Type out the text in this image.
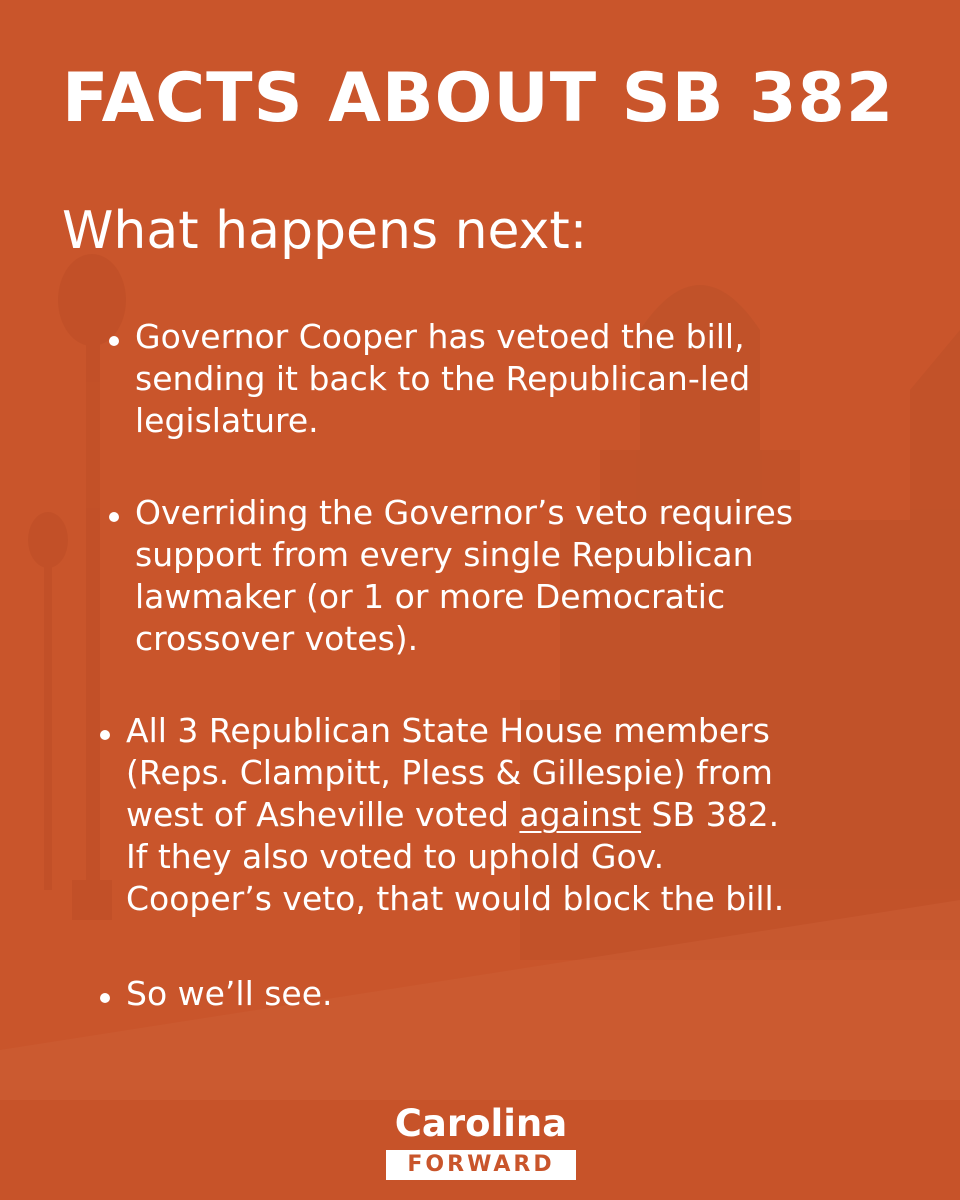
FACTS ABOUT SB 382
What happens next:
Governor Cooper has vetoed the bill,
sending it back to the Republican-led
legislature.
Overriding the Governor’s veto requires
support from every single Republican
lawmaker (or 1 or more Democratic
crossover votes).
All 3 Republican State House members
(Reps. Clampitt, Pless & Gillespie) from
west of Asheville voted against SB 382.
If they also voted to uphold Gov.
Cooper’s veto, that would block the bill.
So we’ll see.
Carolina
FORWARD
